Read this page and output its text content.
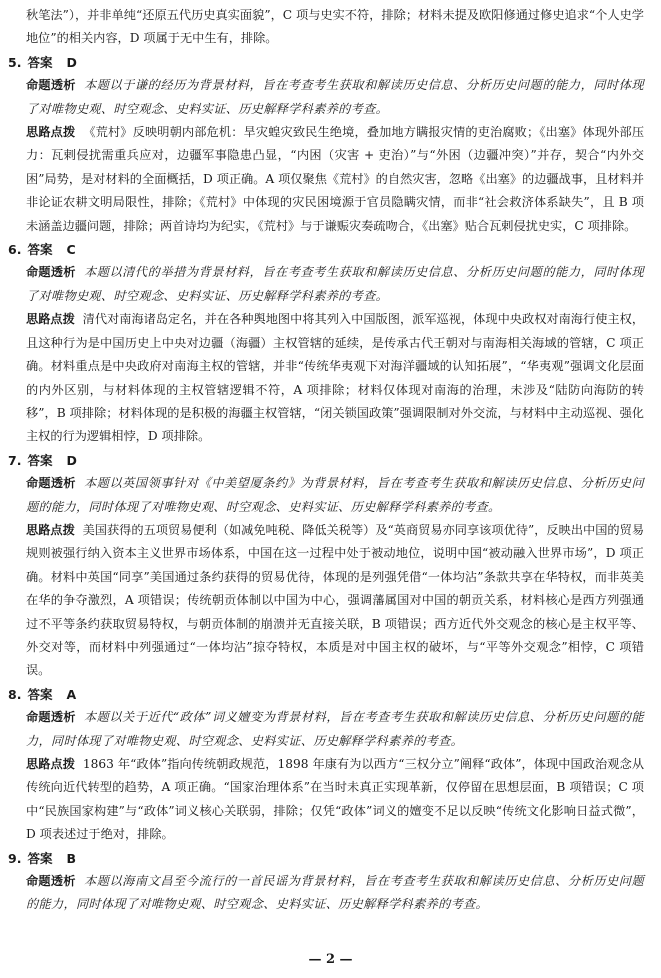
秋笔法”），并非单纯“还原五代历史真实面貌”，C 项与史实不符，排除；材料未提及欧阳修通过修史追求“个人史学地位”的相关内容，D 项属于无中生有，排除。

5. 答案 D

命题透析 本题以于谦的经历为背景材料，旨在考查考生获取和解读历史信息、分析历史问题的能力，同时体现了对唯物史观、时空观念、史料实证、历史解释学科素养的考查。

思路点拨 《荒村》反映明朝内部危机：旱灾蝗灾致民生绝境，叠加地方瞒报灾情的吏治腐败；《出塞》体现外部压力：瓦剌侵扰需重兵应对，边疆军事隐患凸显，“内困（灾害 + 吏治）”与“外困（边疆冲突）”并存，契合“内外交困”局势，是对材料的全面概括，D 项正确。A 项仅聚焦《荒村》的自然灾害，忽略《出塞》的边疆战事，且材料并非论证农耕文明局限性，排除；《荒村》中体现的灾民困境源于官员隐瞒灾情，而非“社会救济体系缺失”，且 B 项未涵盖边疆问题，排除；两首诗均为纪实，《荒村》与于谦赈灾奏疏吻合，《出塞》贴合瓦剌侵扰史实，C 项排除。

6. 答案 C

命题透析 本题以清代的举措为背景材料，旨在考查考生获取和解读历史信息、分析历史问题的能力，同时体现了对唯物史观、时空观念、史料实证、历史解释学科素养的考查。

思路点拨 清代对南海诸岛定名，并在各种舆地图中将其列入中国版图，派军巡视，体现中央政权对南海行使主权，且这种行为是中国历史上中央对边疆（海疆）主权管辖的延续，是传承古代王朝对与南海相关海域的管辖，C 项正确。材料重点是中央政府对南海主权的管辖，并非“传统华夷观下对海洋疆域的认知拓展”，“华夷观”强调文化层面的内外区别，与材料体现的主权管辖逻辑不符，A 项排除；材料仅体现对南海的治理，未涉及“陆防向海防的转移”，B 项排除；材料体现的是积极的海疆主权管辖，“闭关锁国政策”强调限制对外交流，与材料中主动巡视、强化主权的行为逻辑相悖，D 项排除。

7. 答案 D

命题透析 本题以英国领事针对《中美望厦条约》为背景材料，旨在考查考生获取和解读历史信息、分析历史问题的能力，同时体现了对唯物史观、时空观念、史料实证、历史解释学科素养的考查。

思路点拨 美国获得的五项贸易便利（如减免吨税、降低关税等）及“英商贸易亦同享该项优待”，反映出中国的贸易规则被强行纳入资本主义世界市场体系，中国在这一过程中处于被动地位，说明中国“被动融入世界市场”，D 项正确。材料中英国“同享”美国通过条约获得的贸易优待，体现的是列强凭借“一体均沾”条款共享在华特权，而非英美在华的争夺激烈，A 项错误；传统朝贡体制以中国为中心，强调藩属国对中国的朝贡关系，材料核心是西方列强通过不平等条约获取贸易特权，与朝贡体制的崩溃并无直接关联，B 项错误；西方近代外交观念的核心是主权平等、外交对等，而材料中列强通过“一体均沾”掠夺特权，本质是对中国主权的破坏，与“平等外交观念”相悖，C 项错误。

8. 答案 A

命题透析 本题以关于近代“政体”词义嬗变为背景材料，旨在考查考生获取和解读历史信息、分析历史问题的能力，同时体现了对唯物史观、时空观念、史料实证、历史解释学科素养的考查。

思路点拨 1863 年“政体”指向传统朝政规范，1898 年康有为以西方“三权分立”阐释“政体”，体现中国政治观念从传统向近代转型的趋势，A 项正确。“国家治理体系”在当时未真正实现革新，仅停留在思想层面，B 项错误；C 项中“民族国家构建”与“政体”词义核心关联弱，排除；仅凭“政体”词义的嬗变不足以反映“传统文化影响日益式微”，D 项表述过于绝对，排除。

9. 答案 B

命题透析 本题以海南文昌至今流行的一首民谣为背景材料，旨在考查考生获取和解读历史信息、分析历史问题的能力，同时体现了对唯物史观、时空观念、史料实证、历史解释学科素养的考查。

— 2 —
